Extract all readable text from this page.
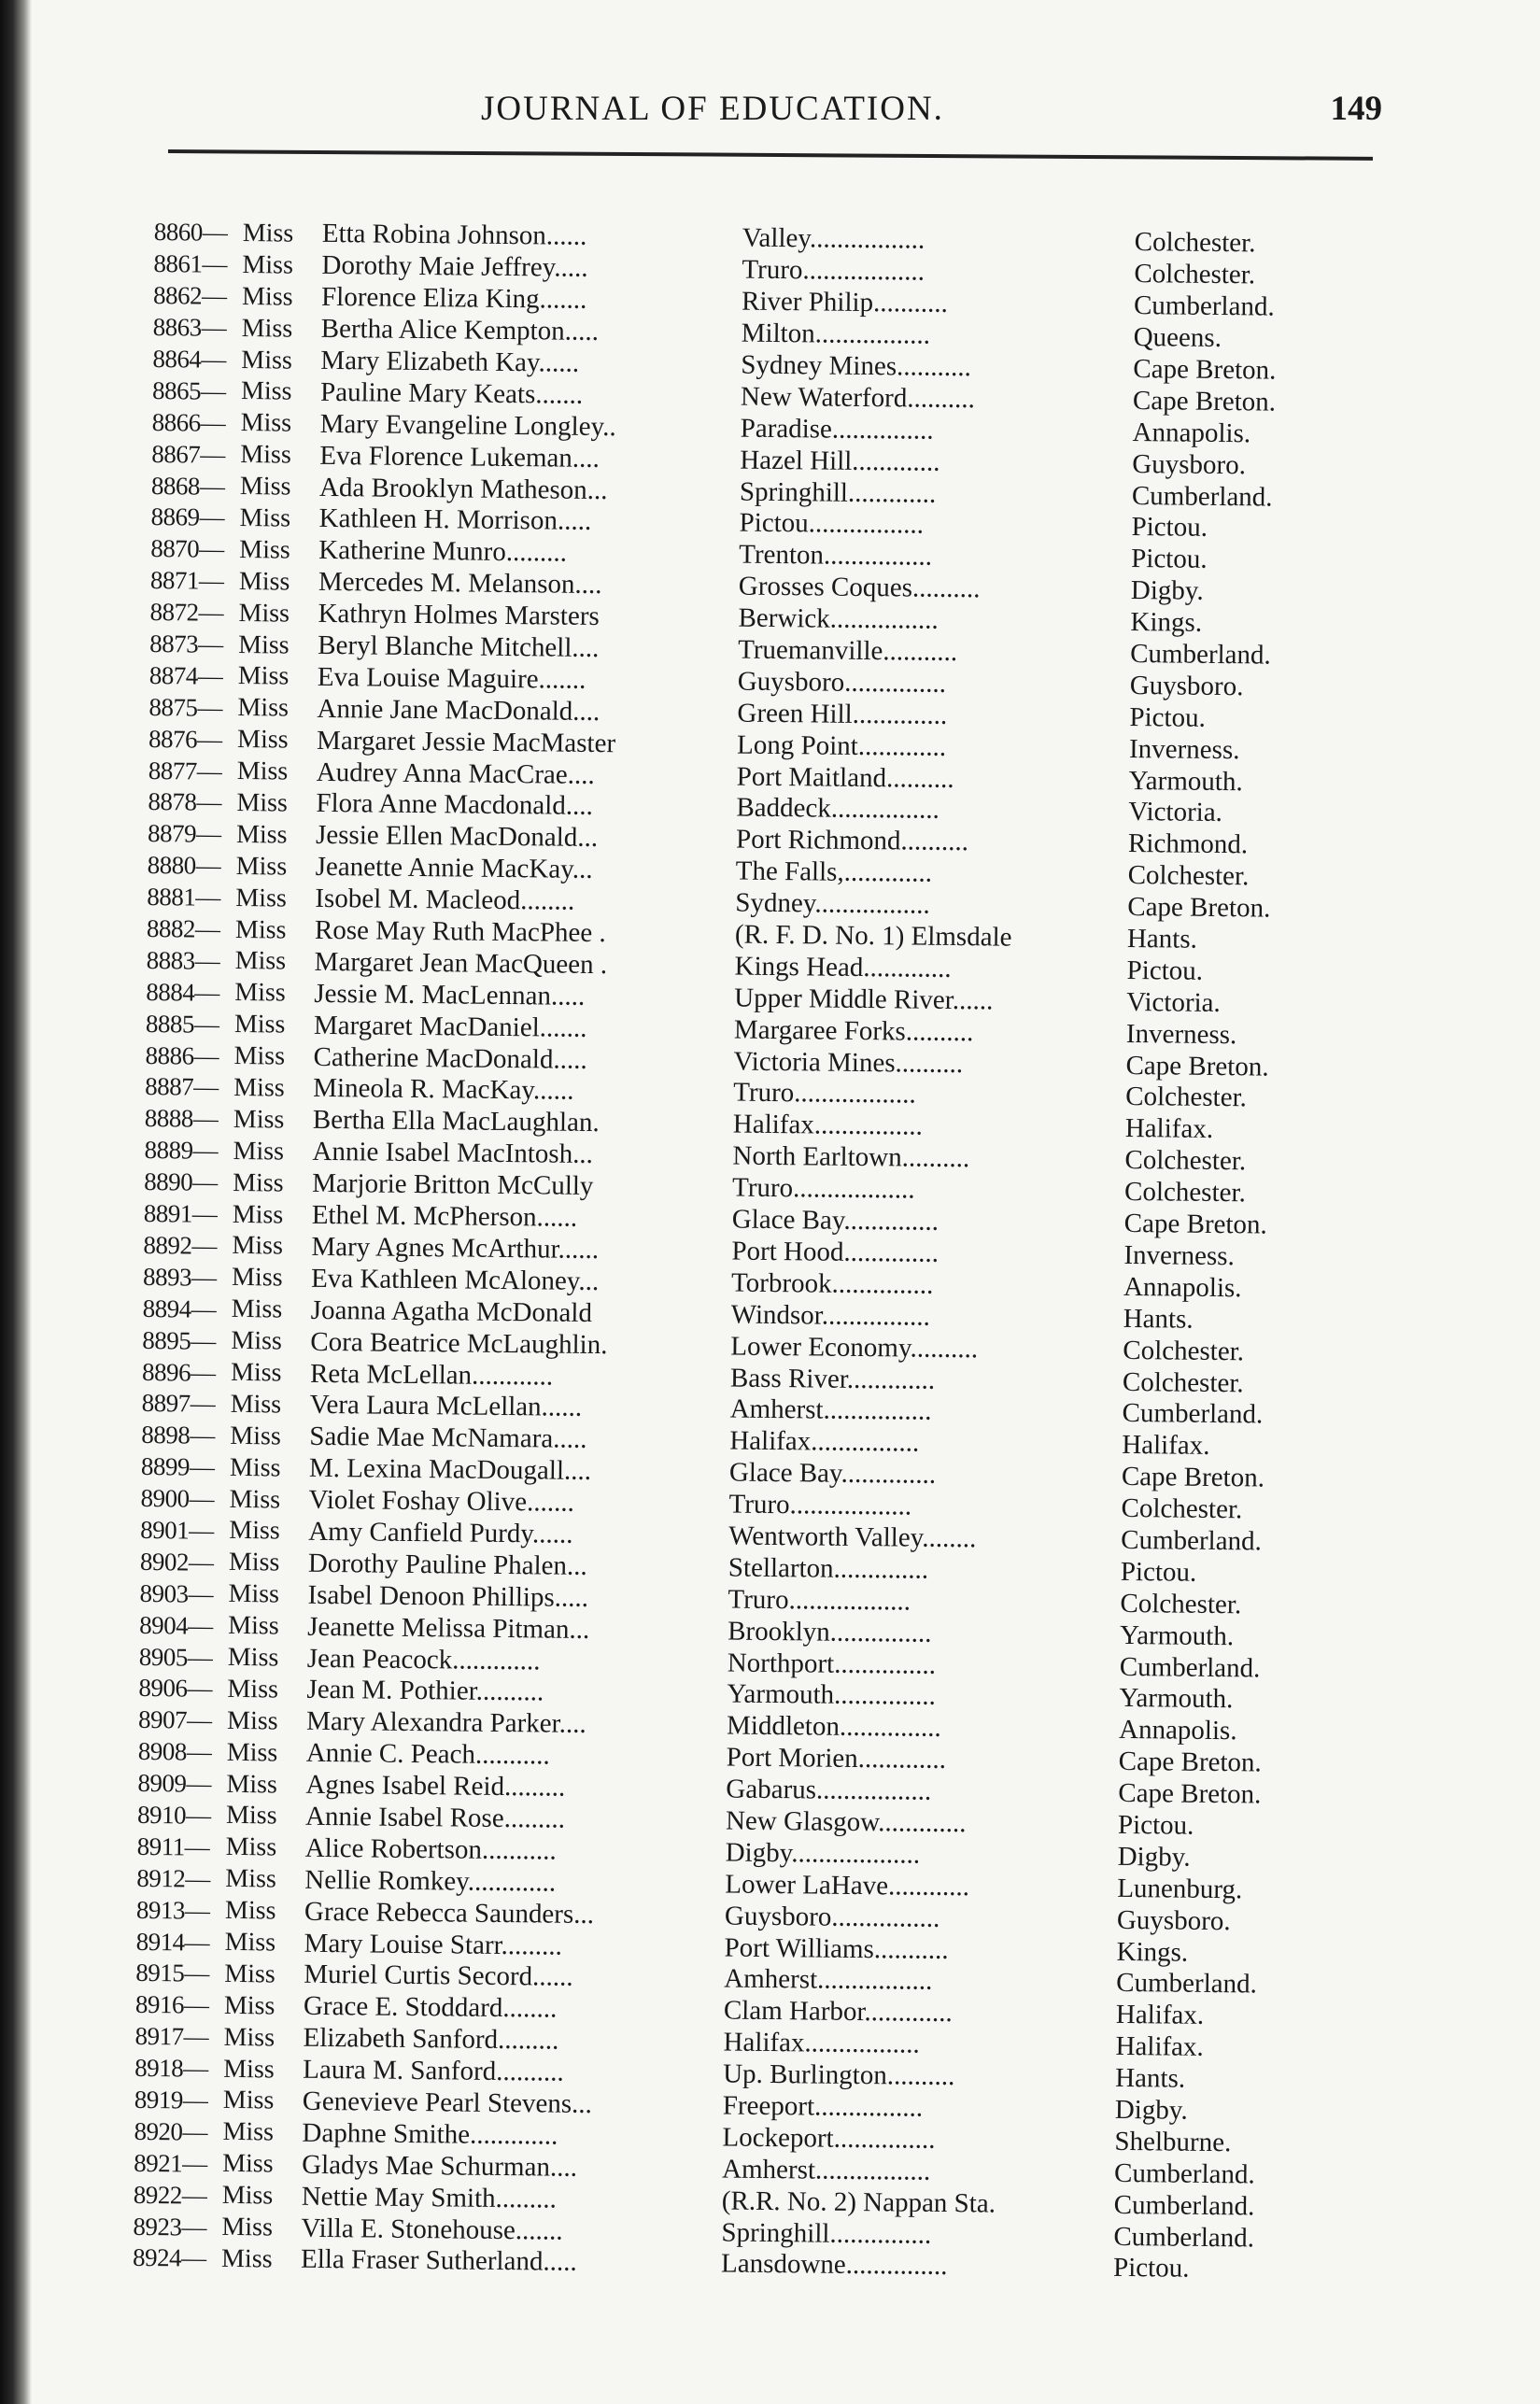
JOURNAL OF EDUCATION.	149
8860— Miss	Etta Robina Johnson......	Valley.................	Colchester.
8861— Miss	Dorothy Maie Jeffrey.....	Truro..................	Colchester.
8862— Miss	Florence Eliza King.......	River Philip...........	Cumberland.
8863— Miss	Bertha Alice Kempton.....	Milton.................	Queens.
8864— Miss	Mary Elizabeth Kay......	Sydney Mines...........	Cape Breton.
8865— Miss	Pauline Mary Keats.......	New Waterford..........	Cape Breton.
8866— Miss	Mary Evangeline Longley..	Paradise...............	Annapolis.
8867— Miss	Eva Florence Lukeman....	Hazel Hill.............	Guysboro.
8868— Miss	Ada Brooklyn Matheson...	Springhill.............	Cumberland.
8869— Miss	Kathleen H. Morrison.....	Pictou.................	Pictou.
8870— Miss	Katherine Munro.........	Trenton................	Pictou.
8871— Miss	Mercedes M. Melanson....	Grosses Coques..........	Digby.
8872— Miss	Kathryn Holmes Marsters	Berwick................	Kings.
8873— Miss	Beryl Blanche Mitchell....	Truemanville...........	Cumberland.
8874— Miss	Eva Louise Maguire.......	Guysboro...............	Guysboro.
8875— Miss	Annie Jane MacDonald....	Green Hill..............	Pictou.
8876— Miss	Margaret Jessie MacMaster	Long Point.............	Inverness.
8877— Miss	Audrey Anna MacCrae....	Port Maitland..........	Yarmouth.
8878— Miss	Flora Anne Macdonald....	Baddeck................	Victoria.
8879— Miss	Jessie Ellen MacDonald...	Port Richmond..........	Richmond.
8880— Miss	Jeanette Annie MacKay...	The Falls,.............	Colchester.
8881— Miss	Isobel M. Macleod........	Sydney.................	Cape Breton.
8882— Miss	Rose May Ruth MacPhee .	(R. F. D. No. 1) Elmsdale	Hants.
8883— Miss	Margaret Jean MacQueen .	Kings Head.............	Pictou.
8884— Miss	Jessie M. MacLennan.....	Upper Middle River......	Victoria.
8885— Miss	Margaret MacDaniel.......	Margaree Forks..........	Inverness.
8886— Miss	Catherine MacDonald.....	Victoria Mines..........	Cape Breton.
8887— Miss	Mineola R. MacKay......	Truro..................	Colchester.
8888— Miss	Bertha Ella MacLaughlan.	Halifax................	Halifax.
8889— Miss	Annie Isabel MacIntosh...	North Earltown..........	Colchester.
8890— Miss	Marjorie Britton McCully	Truro..................	Colchester.
8891— Miss	Ethel M. McPherson......	Glace Bay..............	Cape Breton.
8892— Miss	Mary Agnes McArthur......	Port Hood..............	Inverness.
8893— Miss	Eva Kathleen McAloney...	Torbrook...............	Annapolis.
8894— Miss	Joanna Agatha McDonald	Windsor................	Hants.
8895— Miss	Cora Beatrice McLaughlin.	Lower Economy..........	Colchester.
8896— Miss	Reta McLellan............	Bass River.............	Colchester.
8897— Miss	Vera Laura McLellan......	Amherst................	Cumberland.
8898— Miss	Sadie Mae McNamara.....	Halifax................	Halifax.
8899— Miss	M. Lexina MacDougall....	Glace Bay..............	Cape Breton.
8900— Miss	Violet Foshay Olive.......	Truro..................	Colchester.
8901— Miss	Amy Canfield Purdy......	Wentworth Valley........	Cumberland.
8902— Miss	Dorothy Pauline Phalen...	Stellarton..............	Pictou.
8903— Miss	Isabel Denoon Phillips.....	Truro..................	Colchester.
8904— Miss	Jeanette Melissa Pitman...	Brooklyn...............	Yarmouth.
8905— Miss	Jean Peacock.............	Northport...............	Cumberland.
8906— Miss	Jean M. Pothier..........	Yarmouth...............	Yarmouth.
8907— Miss	Mary Alexandra Parker....	Middleton...............	Annapolis.
8908— Miss	Annie C. Peach...........	Port Morien.............	Cape Breton.
8909— Miss	Agnes Isabel Reid.........	Gabarus.................	Cape Breton.
8910— Miss	Annie Isabel Rose.........	New Glasgow.............	Pictou.
8911— Miss	Alice Robertson...........	Digby...................	Digby.
8912— Miss	Nellie Romkey.............	Lower LaHave............	Lunenburg.
8913— Miss	Grace Rebecca Saunders...	Guysboro................	Guysboro.
8914— Miss	Mary Louise Starr.........	Port Williams...........	Kings.
8915— Miss	Muriel Curtis Secord......	Amherst.................	Cumberland.
8916— Miss	Grace E. Stoddard........	Clam Harbor.............	Halifax.
8917— Miss	Elizabeth Sanford.........	Halifax.................	Halifax.
8918— Miss	Laura M. Sanford..........	Up. Burlington..........	Hants.
8919— Miss	Genevieve Pearl Stevens...	Freeport................	Digby.
8920— Miss	Daphne Smithe.............	Lockeport...............	Shelburne.
8921— Miss	Gladys Mae Schurman....	Amherst.................	Cumberland.
8922— Miss	Nettie May Smith.........	(R.R. No. 2) Nappan Sta.	Cumberland.
8923— Miss	Villa E. Stonehouse.......	Springhill...............	Cumberland.
8924— Miss	Ella Fraser Sutherland.....	Lansdowne...............	Pictou.
